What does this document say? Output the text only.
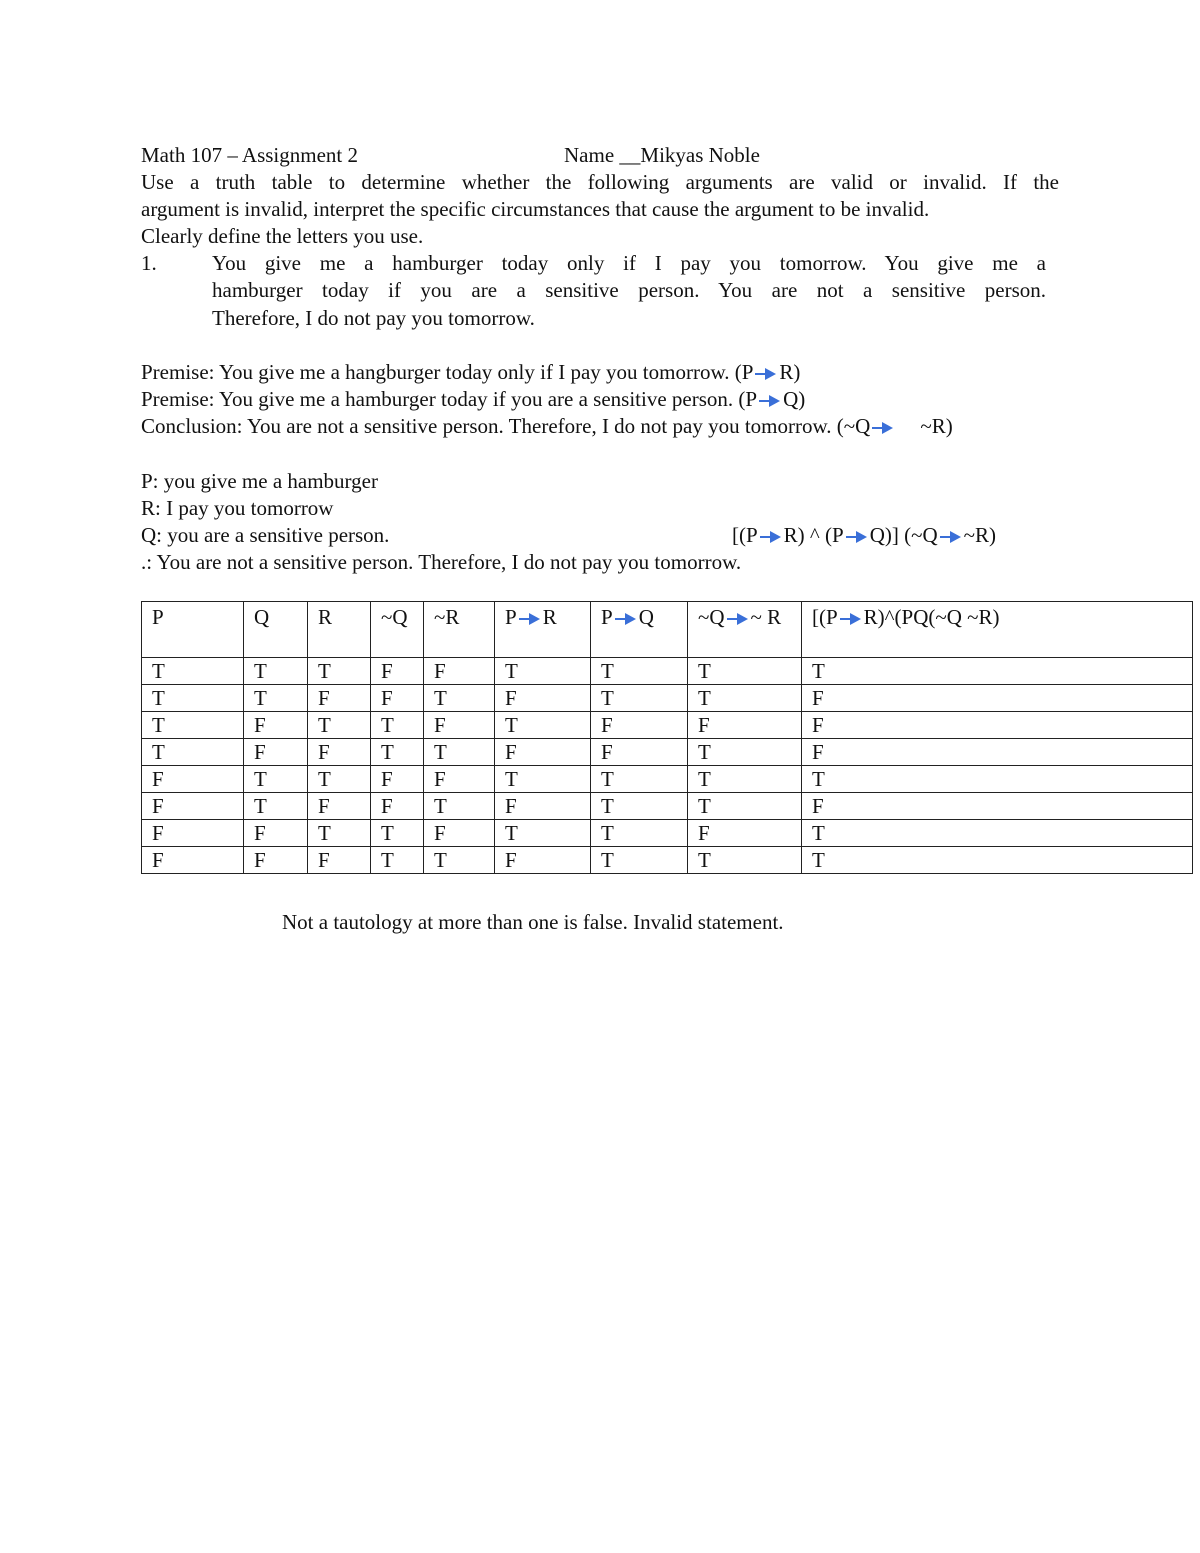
Math 107 – Assignment 2	Name __Mikyas Noble
Use a truth table to determine whether the following arguments are valid or invalid. If the
argument is invalid, interpret the specific circumstances that cause the argument to be invalid.
Clearly define the letters you use.
1.	You give me a hamburger today only if I pay you tomorrow. You give me a
hamburger today if you are a sensitive person. You are not a sensitive person.
Therefore, I do not pay you tomorrow.
Premise: You give me a hangburger today only if I pay you tomorrow. (P R)
Premise: You give me a hamburger today if you are a sensitive person. (P Q)
Conclusion: You are not a sensitive person. Therefore, I do not pay you tomorrow. (~Q ~R)
P: you give me a hamburger
R: I pay you tomorrow
Q: you are a sensitive person.	[(P R) ^ (P Q)] (~Q ~R)
.: You are not a sensitive person. Therefore, I do not pay you tomorrow.
P	Q	R	~Q	~R	P R	P Q	~Q ~ R	[(P R)^(PQ(~Q ~R)
T	T	T	F	F	T	T	T	T
T	T	F	F	T	F	T	T	F
T	F	T	T	F	T	F	F	F
T	F	F	T	T	F	F	T	F
F	T	T	F	F	T	T	T	T
F	T	F	F	T	F	T	T	F
F	F	T	T	F	T	T	F	T
F	F	F	T	T	F	T	T	T
Not a tautology at more than one is false. Invalid statement.
